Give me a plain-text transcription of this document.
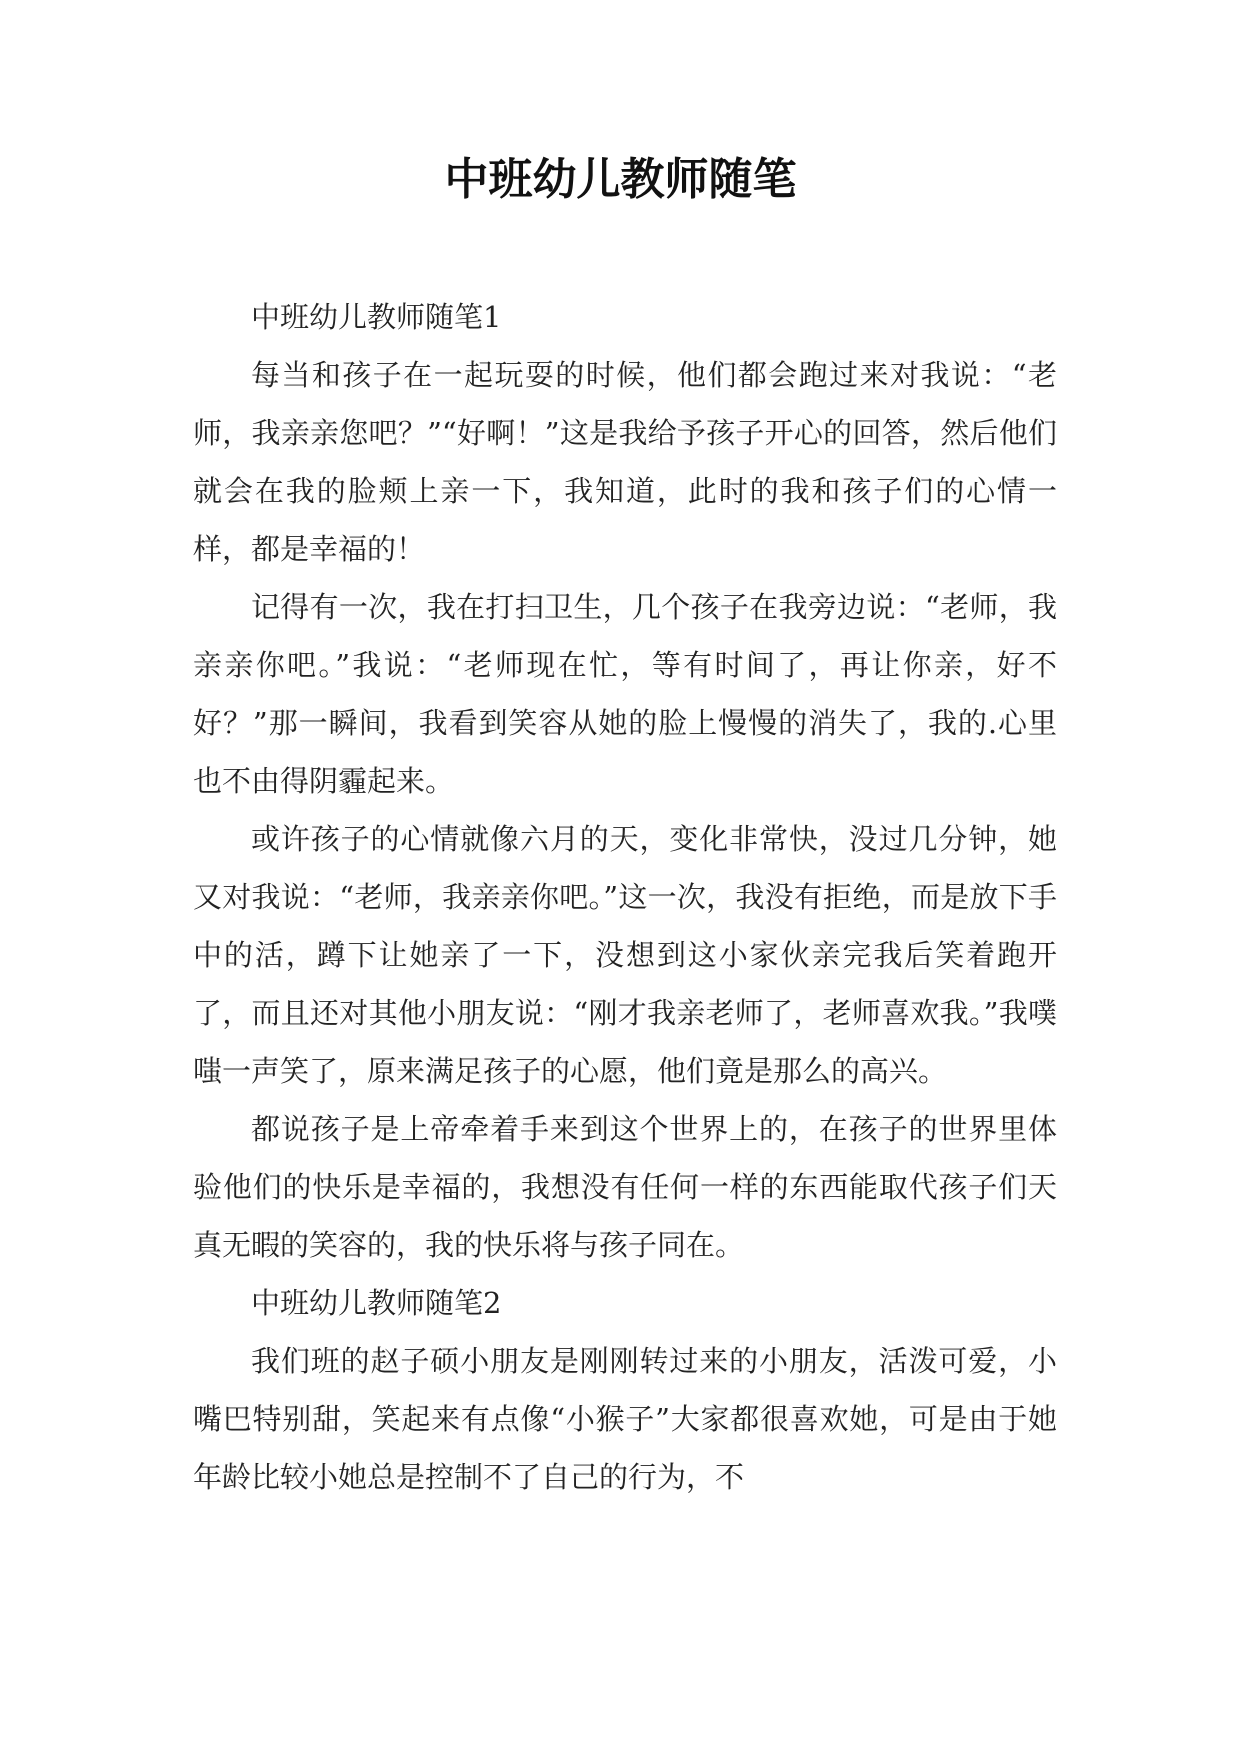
中班幼儿教师随笔

中班幼儿教师随笔1

每当和孩子在一起玩耍的时候，他们都会跑过来对我说：“老师，我亲亲您吧？”“好啊！”这是我给予孩子开心的回答，然后他们就会在我的脸颊上亲一下，我知道，此时的我和孩子们的心情一样，都是幸福的！

记得有一次，我在打扫卫生，几个孩子在我旁边说：“老师，我亲亲你吧。”我说：“老师现在忙，等有时间了，再让你亲，好不好？”那一瞬间，我看到笑容从她的脸上慢慢的消失了，我的.心里也不由得阴霾起来。

或许孩子的心情就像六月的天，变化非常快，没过几分钟，她又对我说：“老师，我亲亲你吧。”这一次，我没有拒绝，而是放下手中的活，蹲下让她亲了一下，没想到这小家伙亲完我后笑着跑开了，而且还对其他小朋友说：“刚才我亲老师了，老师喜欢我。”我噗嗤一声笑了，原来满足孩子的心愿，他们竟是那么的高兴。

都说孩子是上帝牵着手来到这个世界上的，在孩子的世界里体验他们的快乐是幸福的，我想没有任何一样的东西能取代孩子们天真无暇的笑容的，我的快乐将与孩子同在。

中班幼儿教师随笔2

我们班的赵子硕小朋友是刚刚转过来的小朋友，活泼可爱，小嘴巴特别甜，笑起来有点像“小猴子”大家都很喜欢她，可是由于她年龄比较小她总是控制不了自己的行为，不
